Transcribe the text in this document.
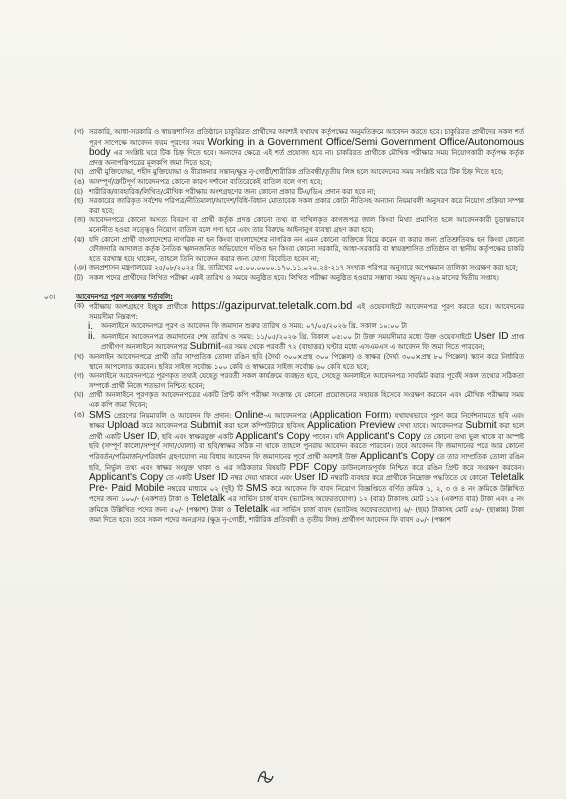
(গ) সরকারি, আধা-সরকারি ও স্বায়ত্তশাসিত প্রতিষ্ঠানে চাকুরিরত প্রার্থীদের অবশ্যই যথাযথ কর্তৃপক্ষের অনুমতিক্রমে আবেদন করতে হবে। চাকুরিরত প্রার্থীদের সকল শর্ত পূরণ সাপেক্ষে আবেদন ফরম পূরণের সময় Working in a Government Office/Semi Government Office/Autonomous body এর সংশ্লিষ্ট ঘরে টিক চিহ্ন দিতে হবে। অন্যদের ক্ষেত্রে এই শর্ত প্রযোজ্য হবে না। চাকরিরত প্রার্থীকে মৌখিক পরীক্ষার সময় নিয়োগকারী কর্তৃপক্ষ কর্তৃক প্রদত্ত অনাপত্তিপত্রের মূলকপি জমা দিতে হবে;
(ঘ) প্রার্থী মুক্তিযোদ্ধা, শহীদ মুক্তিযোদ্ধা ও বীরাঙ্গনার সন্তান/ক্ষুদ্র নৃ-গোষ্ঠী/শারীরিক প্রতিবন্ধী/তৃতীয় লিঙ্গ হলে আবেদনের সময় সংশ্লিষ্ট ঘরে টিক চিহ্ন দিতে হবে;
(ঙ) অসম্পূর্ণ/ত্রুটিপূর্ণ আবেদনপত্র কোনো কারণ দর্শানো ব্যতিরেকেই বাতিল বলে গণ্য হবে;
(চ) শারীরিক/ব্যবহারিক/লিখিত/মৌখিক পরীক্ষায় অংশগ্রহণের জন্য কোনো প্রকার টিএ/ডিএ প্রদান করা হবে না;
(ছ) সরকারের জারিকৃত সর্বশেষ পরিপত্র/নীতিমালা/আদেশ/বিধি-বিধান মোতাবেক সকল প্রকার কোটা নীতিসহ অন্যান্য নিয়মাবলী অনুসরণ করে নিয়োগ প্রক্রিয়া সম্পন্ন করা হবে;
(জ) আবেদনপত্রে কোনো অসত্য বিবরণ বা প্রার্থী কর্তৃক প্রদত্ত কোনো তথ্য বা দাখিলকৃত কাগজপত্র জাল কিংবা মিথ্যা প্রমাণিত হলে আবেদনকারী চূড়ান্তভাবে মনোনীত হওয়া সত্ত্বেও নিয়োগ বাতিল বলে গণ্য হবে এবং তার বিরুদ্ধে আইনানুগ ব্যবস্থা গ্রহণ করা হবে;
(ঝ) যদি কোনো প্রার্থী বাংলাদেশের নাগরিক না হন কিংবা বাংলাদেশের নাগরিক নন এমন কোনো ব্যক্তিকে বিয়ে করেন বা করার জন্য প্রতিশ্রুতিবদ্ধ হন কিংবা কোনো ফৌজদারি আদালত কর্তৃক নৈতিক স্খলনজনিত অভিযোগে দণ্ডিত হন কিংবা কোনো সরকারি, আধা-সরকারি বা স্বায়ত্তশাসিত প্রতিষ্ঠান বা স্থানীয় কর্তৃপক্ষের চাকরি হতে বরখাস্ত হয়ে থাকেন, তাহলে তিনি আবেদন করার জন্য যোগ্য বিবেচিত হবেন না;
(ঞ) জনপ্রশাসন মন্ত্রণালয়ের ২৫/০৮/২০২৫ খ্রি. তারিখের ০৫.০০.০০০০.১৭০.১১.০২০.২৪-২১৭ সংখ্যক পরিপত্র অনুসারে অপেক্ষমান তালিকা সংরক্ষণ করা হবে;
(ট) সকল পদের প্রার্থীদের লিখিত পরীক্ষা একই তারিখ ও সময়ে অনুষ্ঠিত হবে। লিখিত পরীক্ষা অনুষ্ঠিত হওয়ার সম্ভাব্য সময় জুন/২০২৬ মাসের দ্বিতীয় সপ্তাহ।
০৩।	আবেদনপত্র পূরণ সংক্রান্ত শর্তাবলি:
(ক) পরীক্ষায় অংশগ্রহণে ইচ্ছুক প্রার্থীকে https://gazipurvat.teletalk.com.bd এই ওয়েবসাইটে আবেদনপত্র পূরণ করতে হবে। আবেদনের সময়সীমা নিম্নরূপ:
i.	অনলাইনে আবেদনপত্র পূরণ ও আবেদন ফি জমাদান শুরুর তারিখ ও সময়: ০৭/০৫/২০২৬ খ্রি. সকাল ১০:০০ টা
ii. অনলাইনে আবেদনপত্র জমাদানের শেষ তারিখ ও সময়: ১১/০৫/২০২৬ খ্রি. বিকাল ০৫:০০ টা উক্ত সময়সীমার মধ্যে উক্ত ওয়েবসাইটে User ID প্রাপ্ত প্রার্থীগণ অনলাইনে আবেদনপত্র Submit-এর সময় থেকে পরবর্তী ৭২ (বাহাত্তর) ঘণ্টার মধ্যে এসএমএস এ আবেদন ফি জমা দিতে পারবেন;
(খ) অনলাইন আবেদনপত্রে প্রার্থী তাঁর সাম্প্রতিক তোলা রঙিন ছবি (দৈর্ঘ্য ৩০০×প্রস্থ ৩০০ পিক্সেল) ও স্বাক্ষর (দৈর্ঘ্য ৩০০×প্রস্থ ৮০ পিক্সেল) স্ক্যান করে নির্ধারিত স্থানে আপলোড করবেন। ছবির সাইজ সর্বোচ্চ ১০০ কেবি ও স্বাক্ষরের সাইজ সর্বোচ্চ ৬০ কেবি হতে হবে;
(গ) অনলাইনে আবেদনপত্রে পূরণকৃত তথ্যই যেহেতু পরবর্তী সকল কার্যক্রমে ব্যবহৃত হবে, সেহেতু অনলাইনে আবেদনপত্র সাবমিট করার পূর্বেই সকল তথ্যের সঠিকতা সম্পর্কে প্রার্থী নিজে শতভাগ নিশ্চিত হবেন;
(ঘ) প্রার্থী অনলাইনে পূরণকৃত আবেদনপত্রের একটি প্রিন্ট কপি পরীক্ষা সংক্রান্ত যে কোনো প্রয়োজনের সহায়ক হিসেবে সংরক্ষণ করবেন এবং মৌখিক পরীক্ষার সময় এক কপি জমা দিবেন;
(ঙ) SMS প্রেরণের নিয়মাবলি ও আবেদন ফি প্রদান: Online-এ আবেদনপত্র (Application Form) যথাযথভাবে পূরণ করে নির্দেশনামতে ছবি এবং স্বাক্ষর Upload করে আবেদনপত্র Submit করা হলে কম্পিউটারে ছবিসহ Application Preview দেখা যাবে। আবেদনপত্র Submit করা হলে প্রার্থী একটি User ID, ছবি এবং স্বাক্ষরযুক্ত একটি Applicant's Copy পাবেন। যদি Applicant's Copy তে কোনো তথ্য ভুল থাকে বা অস্পষ্ট ছবি (সম্পূর্ণ কালো/সম্পূর্ণ সাদা/ঘোলা) বা ছবি/স্বাক্ষর সঠিক না থাকে তাহলে পুনরায় আবেদন করতে পারবেন। তবে আবেদন ফি জমাদানের পরে আর কোনো পরিবর্তন/পরিমার্জন/পরিবর্ধন গ্রহণযোগ্য নয় বিধায় আবেদন ফি জমাদানের পূর্বে প্রার্থী অবশ্যই উক্ত Applicant's Copy তে তার সাম্প্রতিক তোলা রঙিন ছবি, নির্ভুল তথ্য এবং স্বাক্ষর সংযুক্ত থাকা ও এর সঠিকতার বিষয়টি PDF Copy ডাউনলোডপূর্বক নিশ্চিত করে রঙিন প্রিন্ট করে সংরক্ষণ করবেন। Applicant's Copy তে একটি User ID নম্বর দেয়া থাকবে এবং User ID নম্বরটি ব্যবহার করে প্রার্থীকে নিম্নোক্ত পদ্ধতিতে যে কোনো Teletalk Pre- Paid Mobile নম্বরের মাধ্যমে ০২ (দুই) টি SMS করে আবেদন ফি বাবদ নিয়োগ বিজ্ঞপ্তিতে বর্ণিত ক্রমিক ১, ২, ৩ ও ৪ নং ক্রমিকে উল্লিখিত পদের জন্য ১০০/- (একশত) টাকা ও Teletalk এর সার্ভিস চার্জ বাবদ (ভ্যাটসহ অফেরতযোগ্য) ১২ (বার) টাকাসহ মোট ১১২ (একশত বার) টাকা এবং ৫ নং ক্রমিকে উল্লিখিত পদের জন্য ৫০/- (পঞ্চাশ) টাকা ও Teletalk এর সার্ভিস চার্জ বাবদ (ভ্যাটসহ অফেরতযোগ্য) ৬/- (ছয়) টাকাসহ মোট ৫৬/- (ছাপ্পান্ন) টাকা জমা দিতে হবে। তবে সকল পদের অনগ্রসর (ক্ষুদ্র নৃ-গোষ্ঠী, শারীরিক প্রতিবন্ধী ও তৃতীয় লিঙ্গ) প্রার্থীগণ আবেদন ফি বাবদ ৫০/- (পঞ্চাশ
